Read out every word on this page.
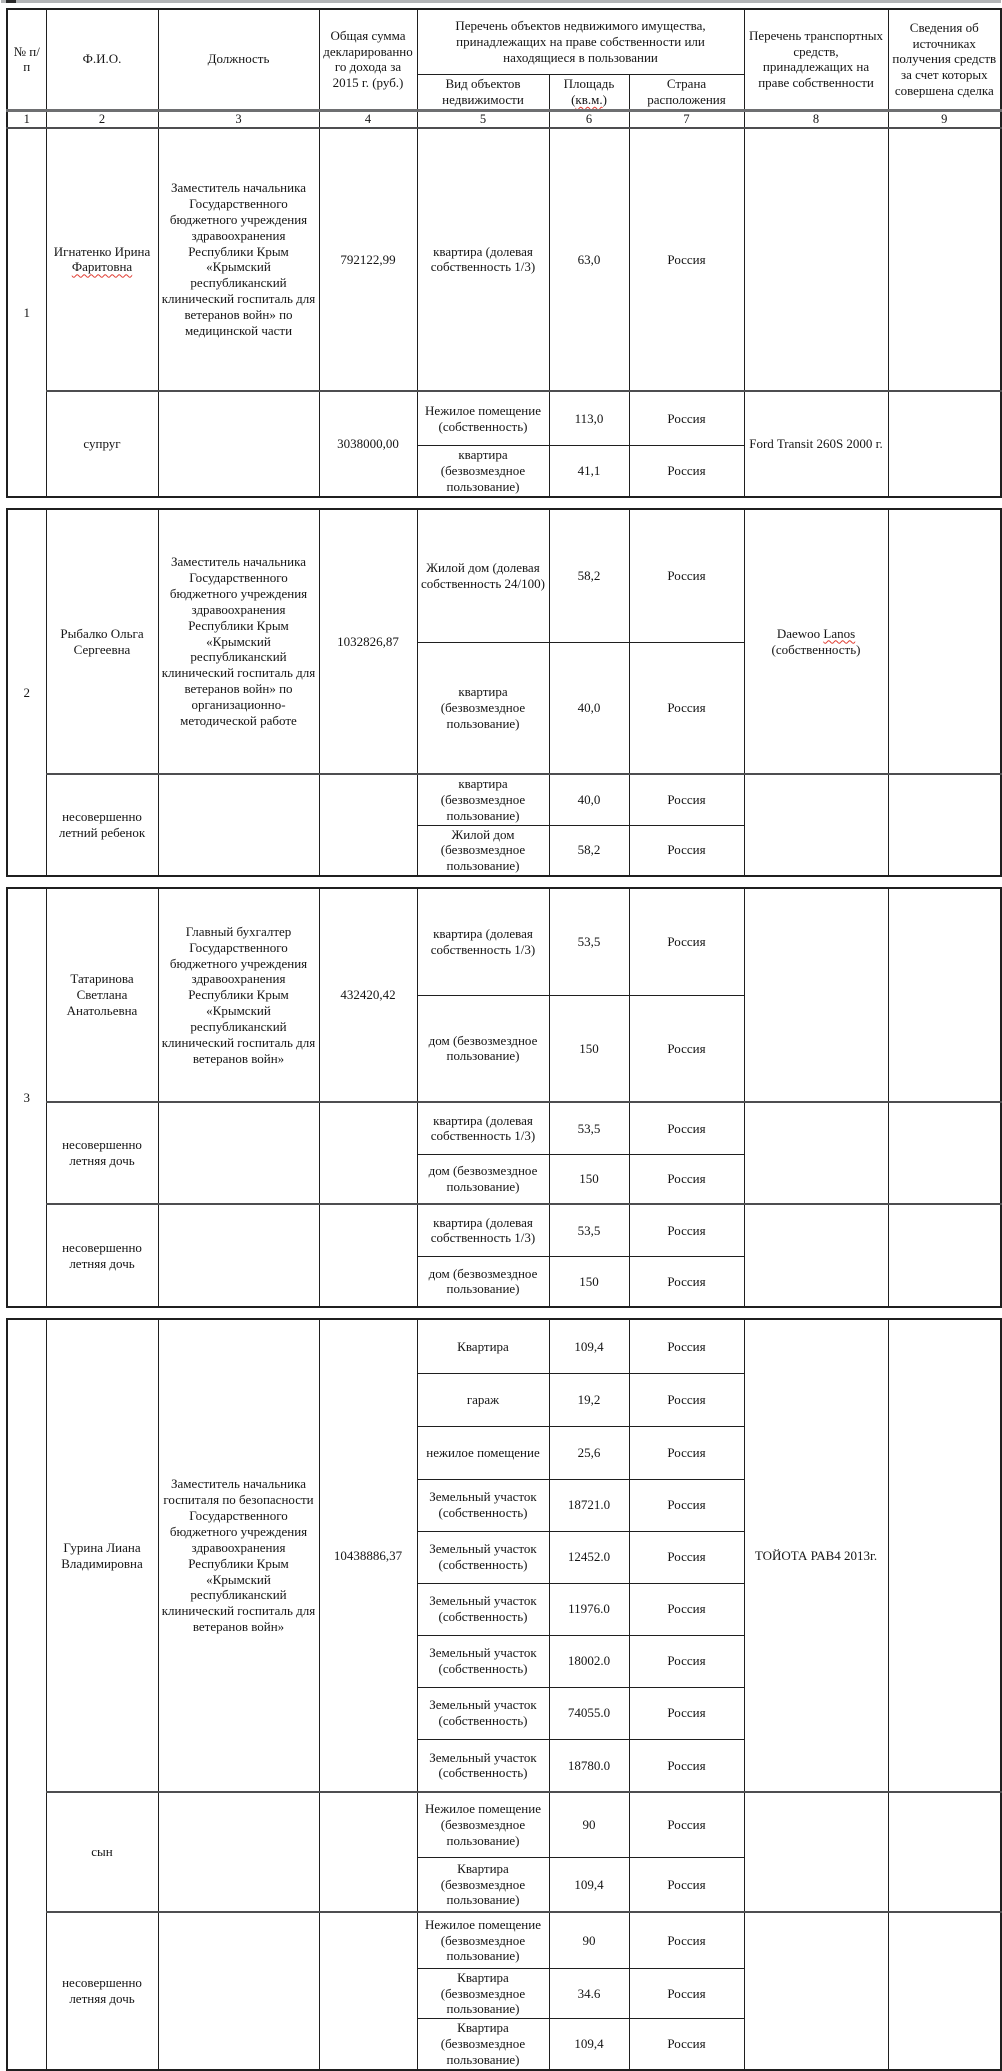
№ п/п	Ф.И.О.	Должность	Общая сумма декларированного дохода за 2015 г. (руб.)	Перечень объектов недвижимого имущества, принадлежащих на праве собственности или находящиеся в пользовании			Перечень транспортных средств, принадлежащих на праве собственности	Сведения об источниках получения средств за счет которых совершена сделка
				Вид объектов недвижимости	Площадь (кв.м.)	Страна расположения		
1	2	3	4	5	6	7	8	9
1	Игнатенко Ирина Фаритовна	Заместитель начальника Государственного бюджетного учреждения здравоохранения Республики Крым «Крымский республиканский клинический госпиталь для ветеранов войн» по медицинской части	792122,99	квартира (долевая собственность 1/3)	63,0	Россия		
	супруг		3038000,00	Нежилое помещение (собственность)	113,0	Россия	Ford Transit 260S 2000 г.	
				квартира (безвозмездное пользование)	41,1	Россия		
2	Рыбалко Ольга Сергеевна	Заместитель начальника Государственного бюджетного учреждения здравоохранения Республики Крым «Крымский республиканский клинический госпиталь для ветеранов войн» по организационно-методической работе	1032826,87	Жилой дом (долевая собственность 24/100)	58,2	Россия	Daewoo Lanos (собственность)	
				квартира (безвозмездное пользование)	40,0	Россия		
	несовершенно летний ребенок			квартира (безвозмездное пользование)	40,0	Россия		
				Жилой дом (безвозмездное пользование)	58,2	Россия		
3	Татаринова Светлана Анатольевна	Главный бухгалтер Государственного бюджетного учреждения здравоохранения Республики Крым «Крымский республиканский клинический госпиталь для ветеранов войн»	432420,42	квартира (долевая собственность 1/3)	53,5	Россия		
				дом (безвозмездное пользование)	150	Россия		
	несовершенно летняя дочь			квартира (долевая собственность 1/3)	53,5	Россия		
				дом (безвозмездное пользование)	150	Россия		
	несовершенно летняя дочь			квартира (долевая собственность 1/3)	53,5	Россия		
				дом (безвозмездное пользование)	150	Россия		
	Гурина Лиана Владимировна	Заместитель начальника госпиталя по безопасности Государственного бюджетного учреждения здравоохранения Республики Крым «Крымский республиканский клинический госпиталь для ветеранов войн»	10438886,37	Квартира	109,4	Россия	ТОЙОТА РАВ4 2013г.	
				гараж	19,2	Россия		
				нежилое помещение	25,6	Россия		
				Земельный участок (собственность)	18721.0	Россия		
				Земельный участок (собственность)	12452.0	Россия		
				Земельный участок (собственность)	11976.0	Россия		
				Земельный участок (собственность)	18002.0	Россия		
				Земельный участок (собственность)	74055.0	Россия		
				Земельный участок (собственность)	18780.0	Россия		
	сын			Нежилое помещение (безвозмездное пользование)	90	Россия		
				Квартира (безвозмездное пользование)	109,4	Россия		
	несовершенно летняя дочь			Нежилое помещение (безвозмездное пользование)	90	Россия		
				Квартира (безвозмездное пользование)	34.6	Россия		
				Квартира (безвозмездное пользование)	109,4	Россия		
